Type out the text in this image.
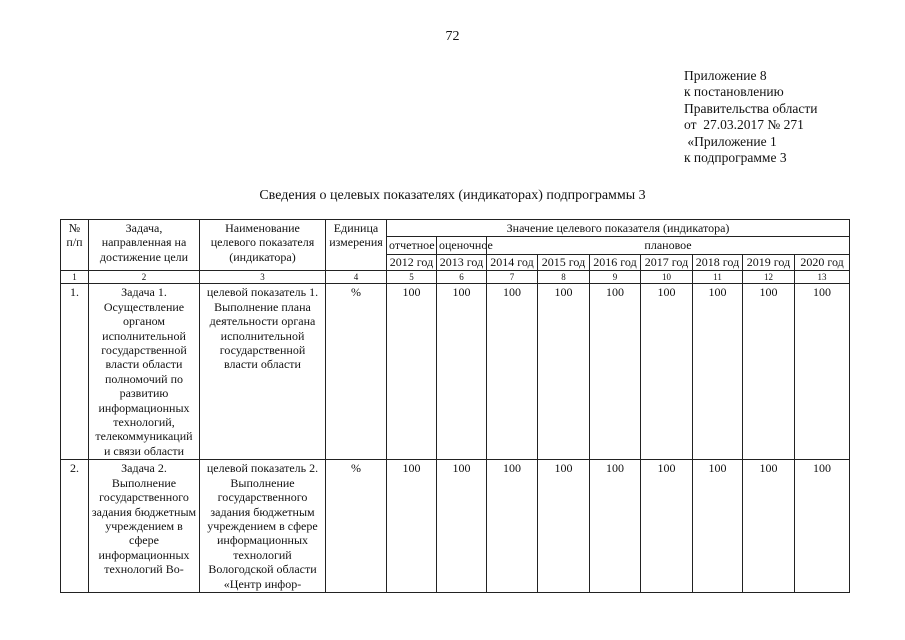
72
Приложение 8
к постановлению
Правительства области
от  27.03.2017 № 271
«Приложение 1
к подпрограмме 3
Сведения о целевых показателях (индикаторах) подпрограммы 3
№ п/п	Задача, направленная на достижение цели	Наименование целевого показателя (индикатора)	Единица измерения	Значение целевого показателя (индикатора)								
				отчетное	оценочное	плановое						
				2012 год	2013 год	2014 год	2015 год	2016 год	2017 год	2018 год	2019 год	2020 год
1	2	3	4	5	6	7	8	9	10	11	12	13
1.	Задача 1. Осуществление органом исполнительной государственной власти области полномочий по развитию информационных технологий, телекоммуникаций и связи области	целевой показатель 1. Выполнение плана деятельности органа исполнительной государственной власти области	%	100	100	100	100	100	100	100	100	100
2.	Задача 2. Выполнение государственного задания бюджетным учреждением в сфере информационных технологий Во-	целевой показатель 2. Выполнение государственного задания бюджетным учреждением в сфере информационных технологий Вологодской области «Центр инфор-	%	100	100	100	100	100	100	100	100	100
